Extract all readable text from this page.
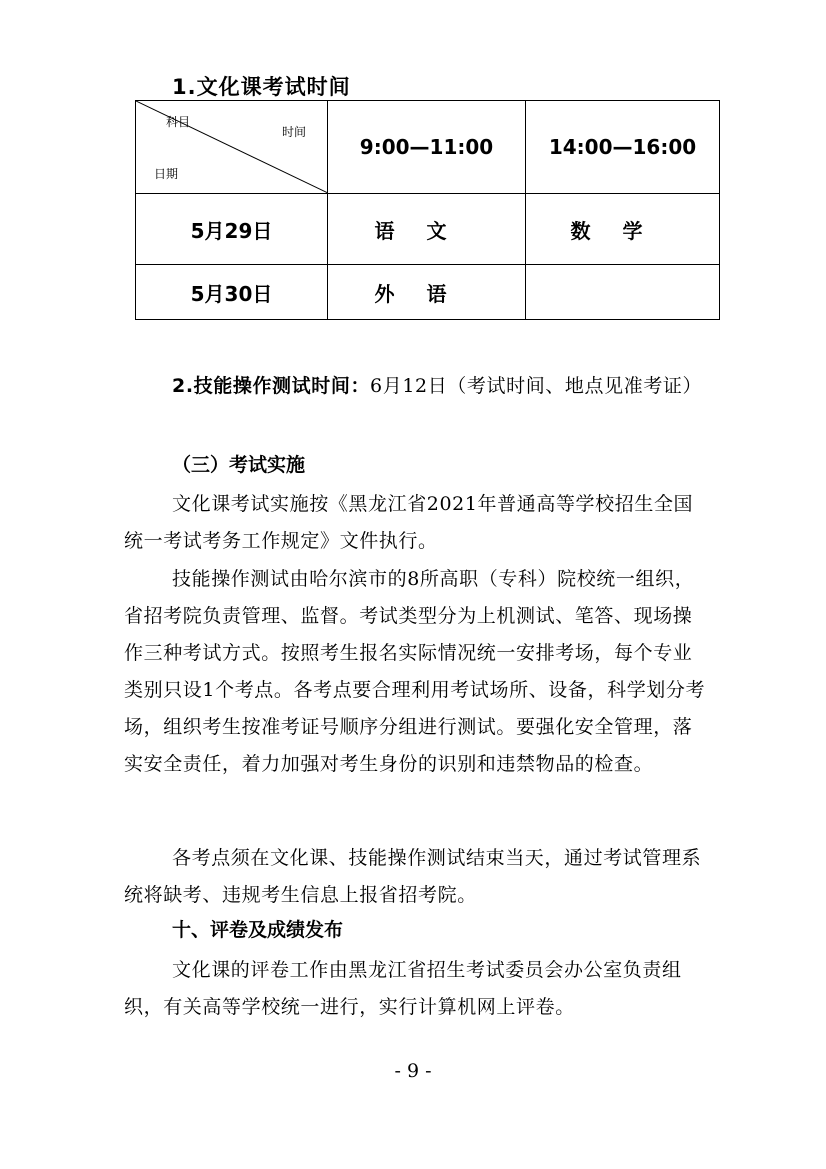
1.文化课考试时间
科目
时间
日期	9:00—11:00	14:00—16:00
5月29日	语文	数学
5月30日	外语	
2.技能操作测试时间：6月12日（考试时间、地点见准考证）
（三）考试实施
文化课考试实施按《黑龙江省2021年普通高等学校招生全国统一考试考务工作规定》文件执行。
技能操作测试由哈尔滨市的8所高职（专科）院校统一组织，省招考院负责管理、监督。考试类型分为上机测试、笔答、现场操作三种考试方式。按照考生报名实际情况统一安排考场，每个专业类别只设1个考点。各考点要合理利用考试场所、设备，科学划分考场，组织考生按准考证号顺序分组进行测试。要强化安全管理，落实安全责任，着力加强对考生身份的识别和违禁物品的检查。
各考点须在文化课、技能操作测试结束当天，通过考试管理系统将缺考、违规考生信息上报省招考院。
十、评卷及成绩发布
文化课的评卷工作由黑龙江省招生考试委员会办公室负责组织，有关高等学校统一进行，实行计算机网上评卷。
- 9 -
